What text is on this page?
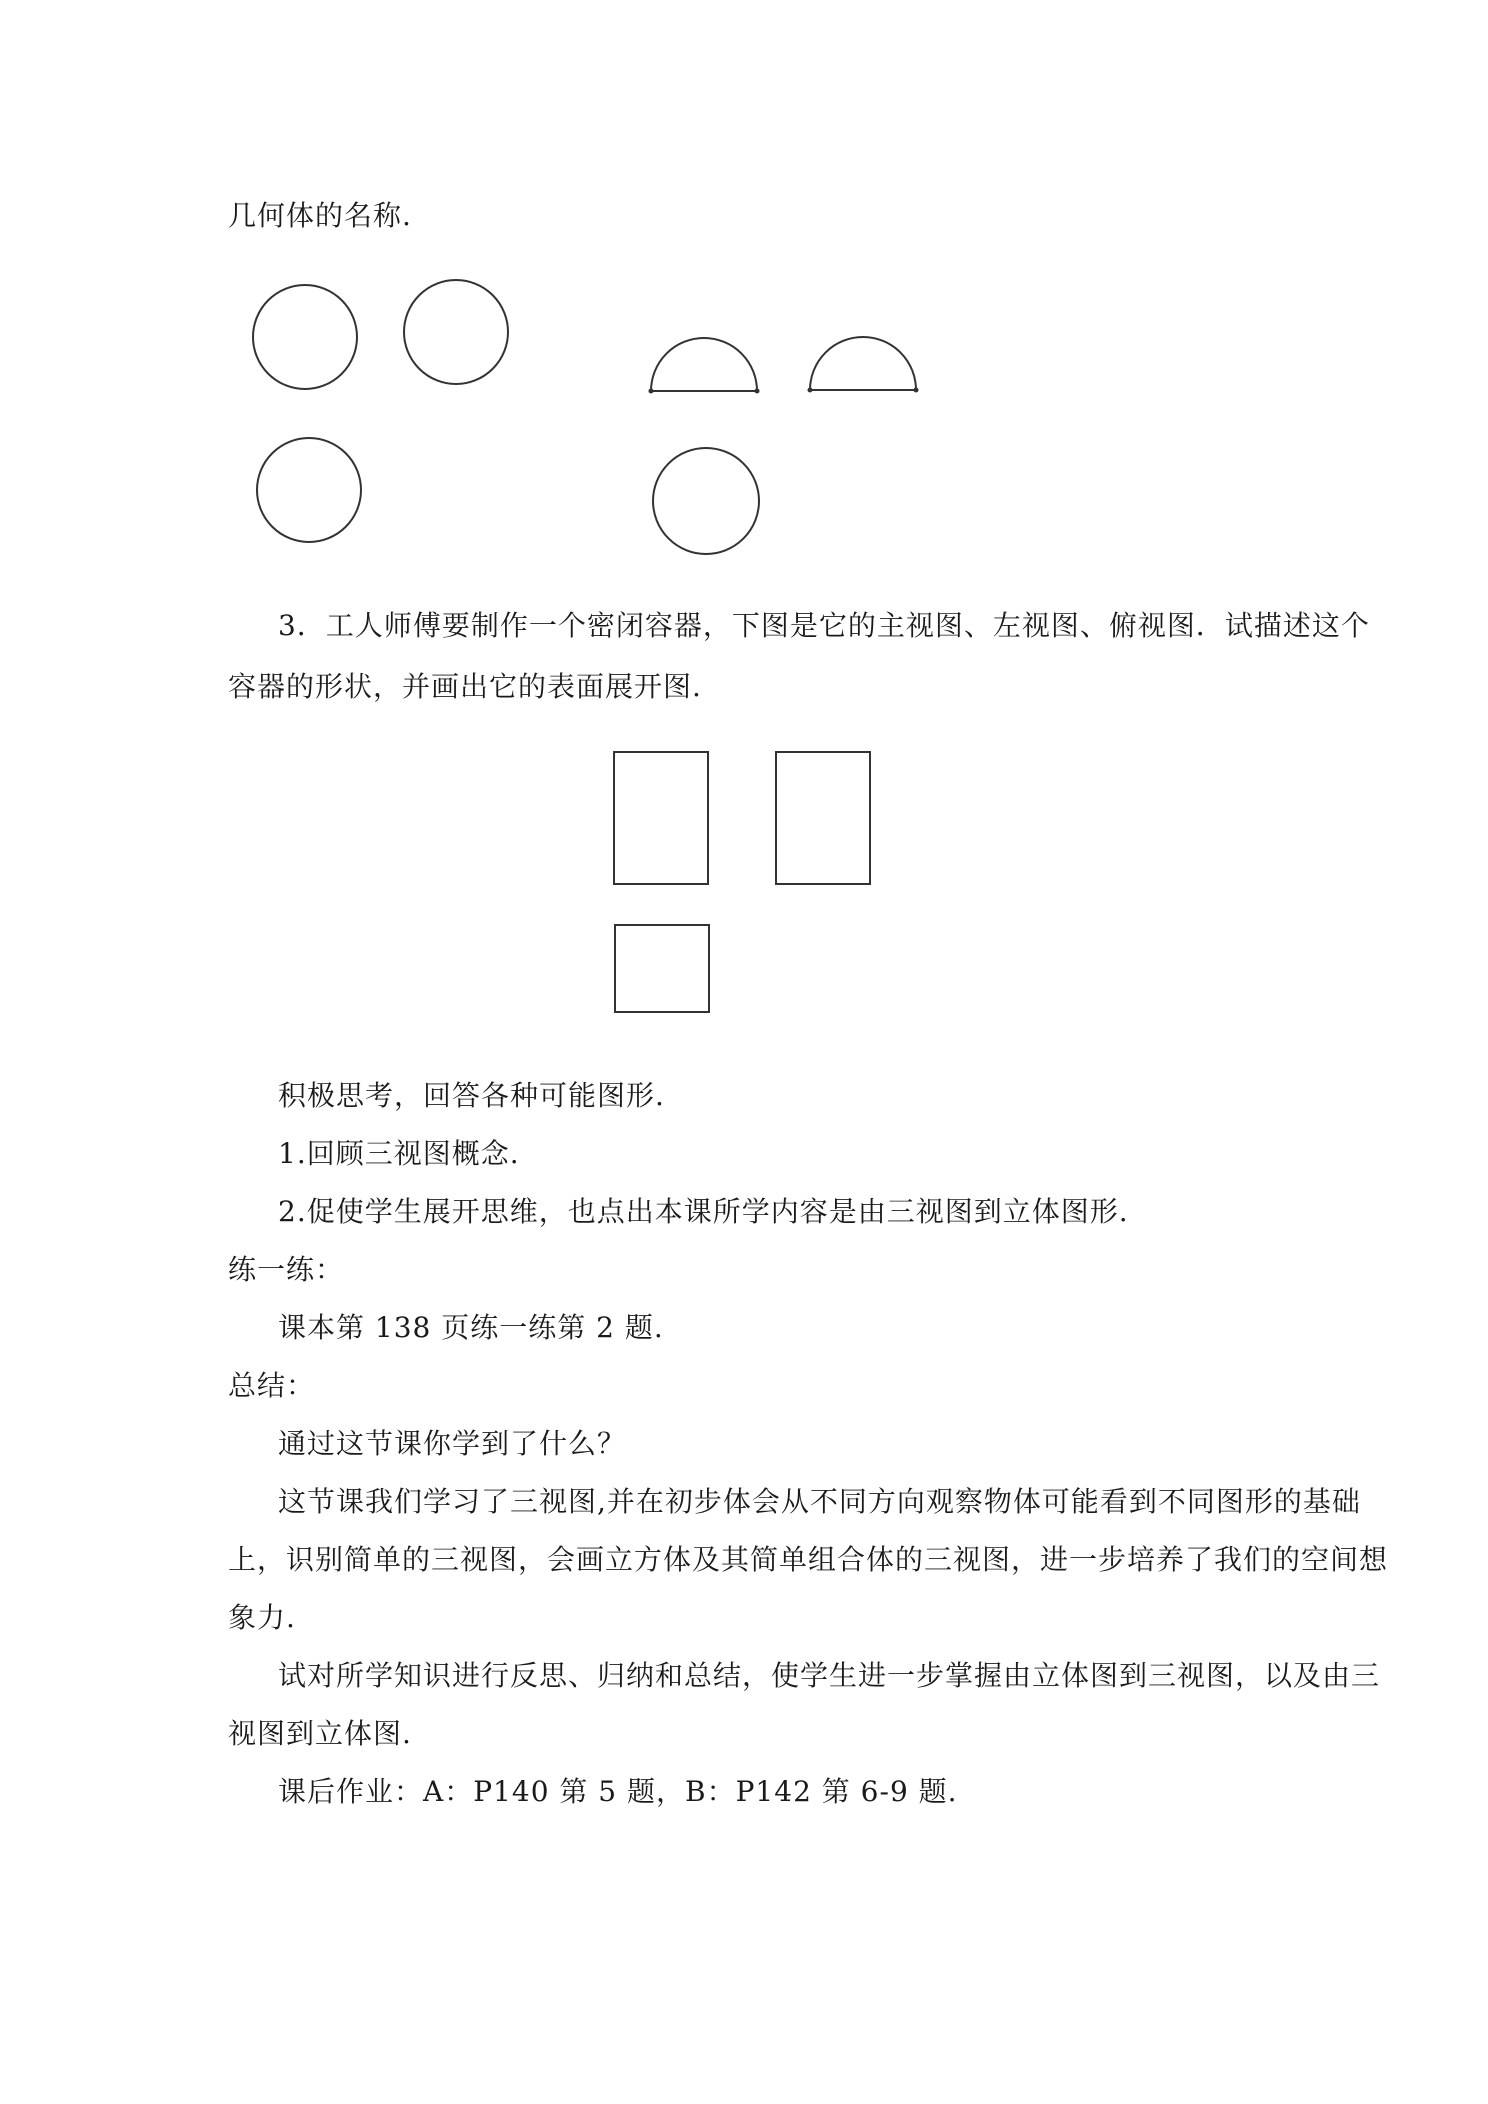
几何体的名称.
3．工人师傅要制作一个密闭容器，下图是它的主视图、左视图、俯视图．试描述这个
容器的形状，并画出它的表面展开图.
积极思考，回答各种可能图形.
1.回顾三视图概念.
2.促使学生展开思维，也点出本课所学内容是由三视图到立体图形.
练一练：
课本第 138 页练一练第 2 题.
总结：
通过这节课你学到了什么？
这节课我们学习了三视图,并在初步体会从不同方向观察物体可能看到不同图形的基础
上，识别简单的三视图，会画立方体及其简单组合体的三视图，进一步培养了我们的空间想
象力.
试对所学知识进行反思、归纳和总结，使学生进一步掌握由立体图到三视图，以及由三
视图到立体图.
课后作业：A：P140 第 5 题，B：P142 第 6-9 题.
